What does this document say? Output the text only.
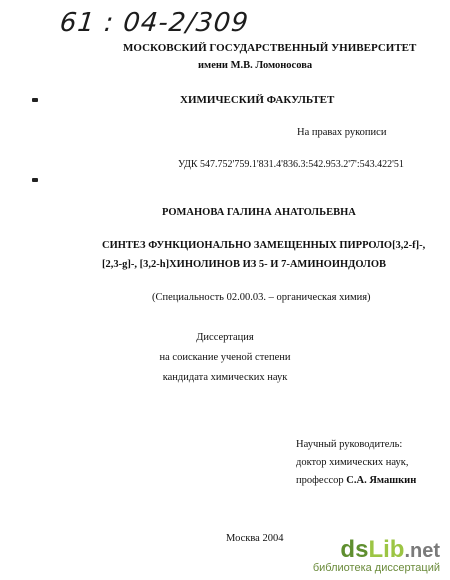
61 : 04-2/309
МОСКОВСКИЙ ГОСУДАРСТВЕННЫЙ УНИВЕРСИТЕТ
имени М.В. Ломоносова
ХИМИЧЕСКИЙ ФАКУЛЬТЕТ
На правах рукописи
УДК 547.752'759.1'831.4'836.3:542.953.2'7':543.422'51
РОМАНОВА ГАЛИНА АНАТОЛЬЕВНА
СИНТЕЗ ФУНКЦИОНАЛЬНО ЗАМЕЩЕННЫХ ПИРРОЛО[3,2-f]-,
[2,3-g]-, [3,2-h]ХИНОЛИНОВ ИЗ 5- И 7-АМИНОИНДОЛОВ
(Специальность 02.00.03. – органическая химия)
Диссертация
на соискание ученой степени
кандидата химических наук
Научный руководитель:
доктор химических наук,
профессор С.А. Ямашкин
Москва 2004	dsLib.net
библиотека диссертаций
